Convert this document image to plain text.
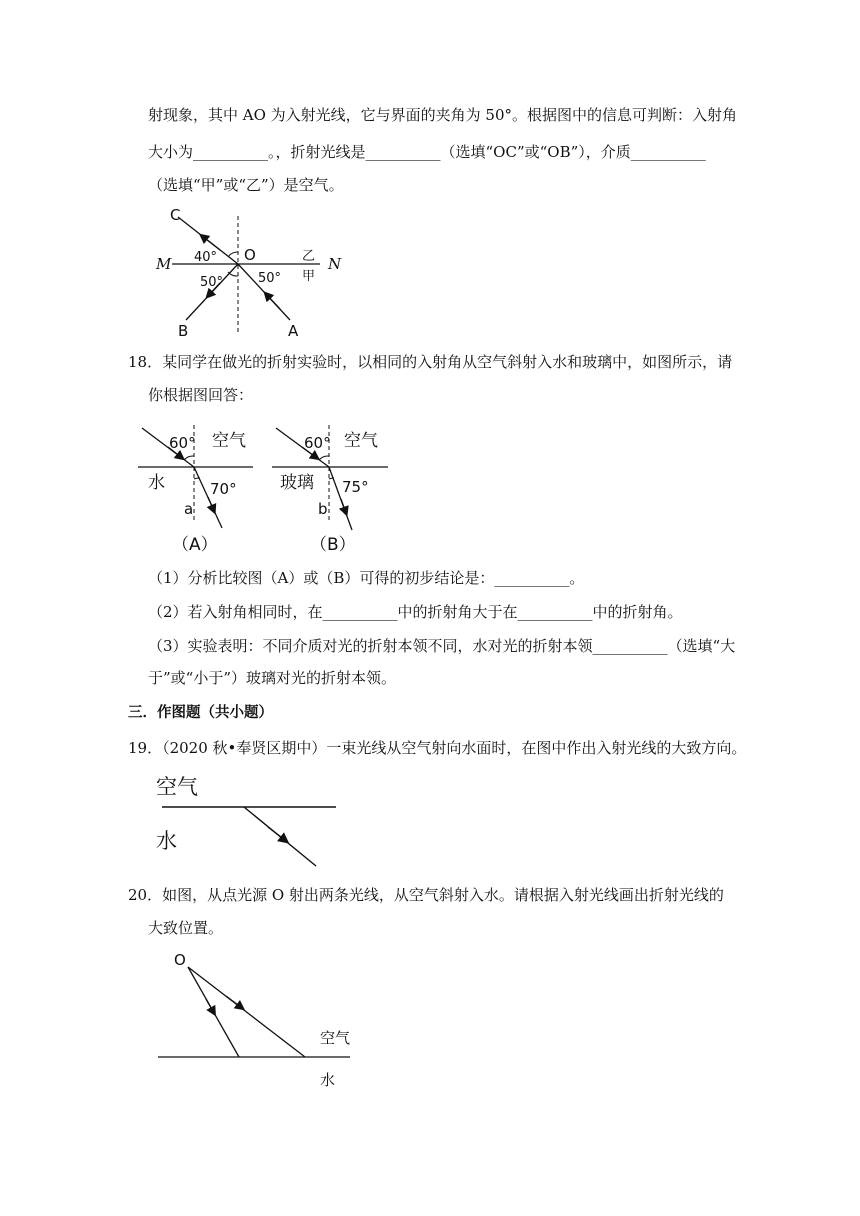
射现象，其中 AO 为入射光线，它与界面的夹角为 50°。根据图中的信息可判断：入射角
大小为__________。，折射光线是__________（选填“OC”或“OB”），介质__________
（选填“甲”或“乙”）是空气。
C
O
M	N
B	A
40°
50°	50°
乙
甲
18．某同学在做光的折射实验时，以相同的入射角从空气斜射入水和玻璃中，如图所示，请
你根据图回答：
60° 空气
水	70°
a
（A）
60° 空气
玻璃 75°
b
（B）
（1）分析比较图（A）或（B）可得的初步结论是：__________。
（2）若入射角相同时，在__________中的折射角大于在__________中的折射角。
（3）实验表明：不同介质对光的折射本领不同，水对光的折射本领__________（选填“大
于”或“小于”）玻璃对光的折射本领。
三．作图题（共小题）
19．（2020 秋•奉贤区期中）一束光线从空气射向水面时，在图中作出入射光线的大致方向。
空气
水
20．如图，从点光源 O 射出两条光线，从空气斜射入水。请根据入射光线画出折射光线的
大致位置。
O
空气
水
